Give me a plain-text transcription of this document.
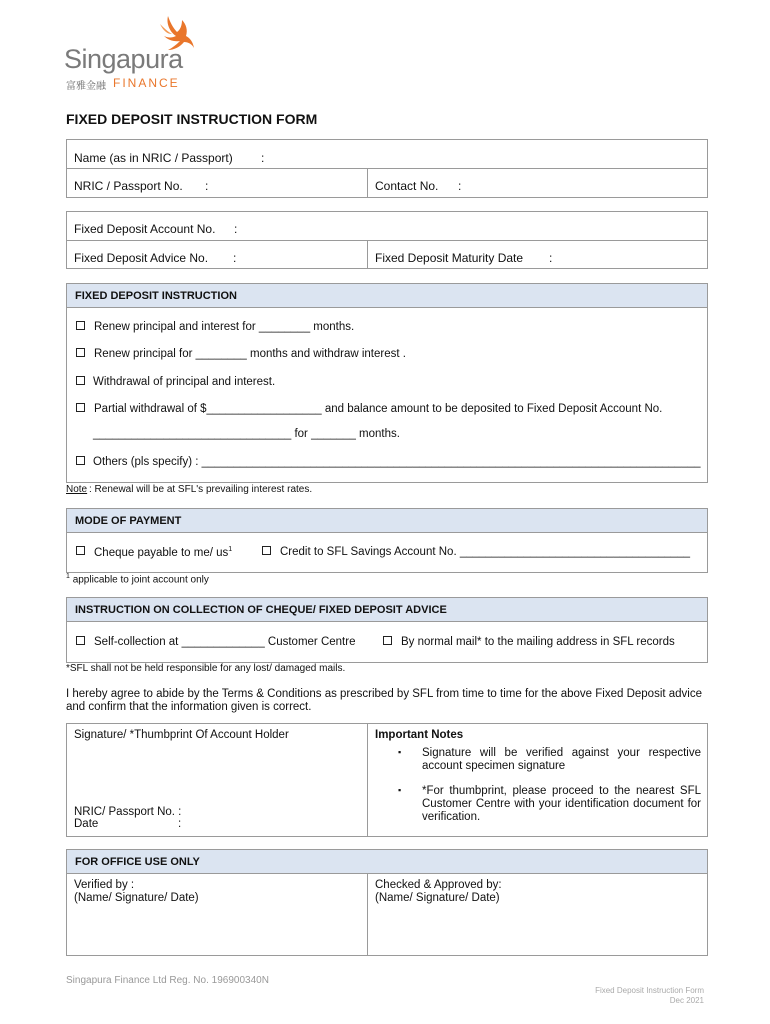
Singapura
富雅金融 FINANCE
FIXED DEPOSIT INSTRUCTION FORM
Name (as in NRIC / Passport) :
NRIC / Passport No. :	Contact No. :
Fixed Deposit Account No. :
Fixed Deposit Advice No. :	Fixed Deposit Maturity Date :
FIXED DEPOSIT INSTRUCTION
Renew principal and interest for ________ months.
Renew principal for ________ months and withdraw interest .
Withdrawal of principal and interest.
Partial withdrawal of $__________________ and balance amount to be deposited to Fixed Deposit Account No.
_______________________________ for _______ months.
Others (pls specify) : ______________________________________________________________________________
Note : Renewal will be at SFL's prevailing interest rates.
MODE OF PAYMENT
Cheque payable to me/ $us^1$	Credit to SFL Savings Account No. ____________________________________
$^1$ applicable to joint account only
INSTRUCTION ON COLLECTION OF CHEQUE/ FIXED DEPOSIT ADVICE
Self-collection at _____________ Customer Centre	By normal mail* to the mailing address in SFL records
*SFL shall not be held responsible for any lost/ damaged mails.
I hereby agree to abide by the Terms & Conditions as prescribed by SFL from time to time for the above Fixed Deposit advice and confirm that the information given is correct.
Signature/ *Thumbprint Of Account Holder
NRIC/ Passport No. :
Date	:
Important Notes
▪ Signature will be verified against your respective account specimen signature
▪ *For thumbprint, please proceed to the nearest SFL Customer Centre with your identification document for verification.
FOR OFFICE USE ONLY
Verified by :
(Name/ Signature/ Date)
Checked & Approved by:
(Name/ Signature/ Date)
Singapura Finance Ltd Reg. No. 196900340N
Fixed Deposit Instruction Form
Dec 2021
